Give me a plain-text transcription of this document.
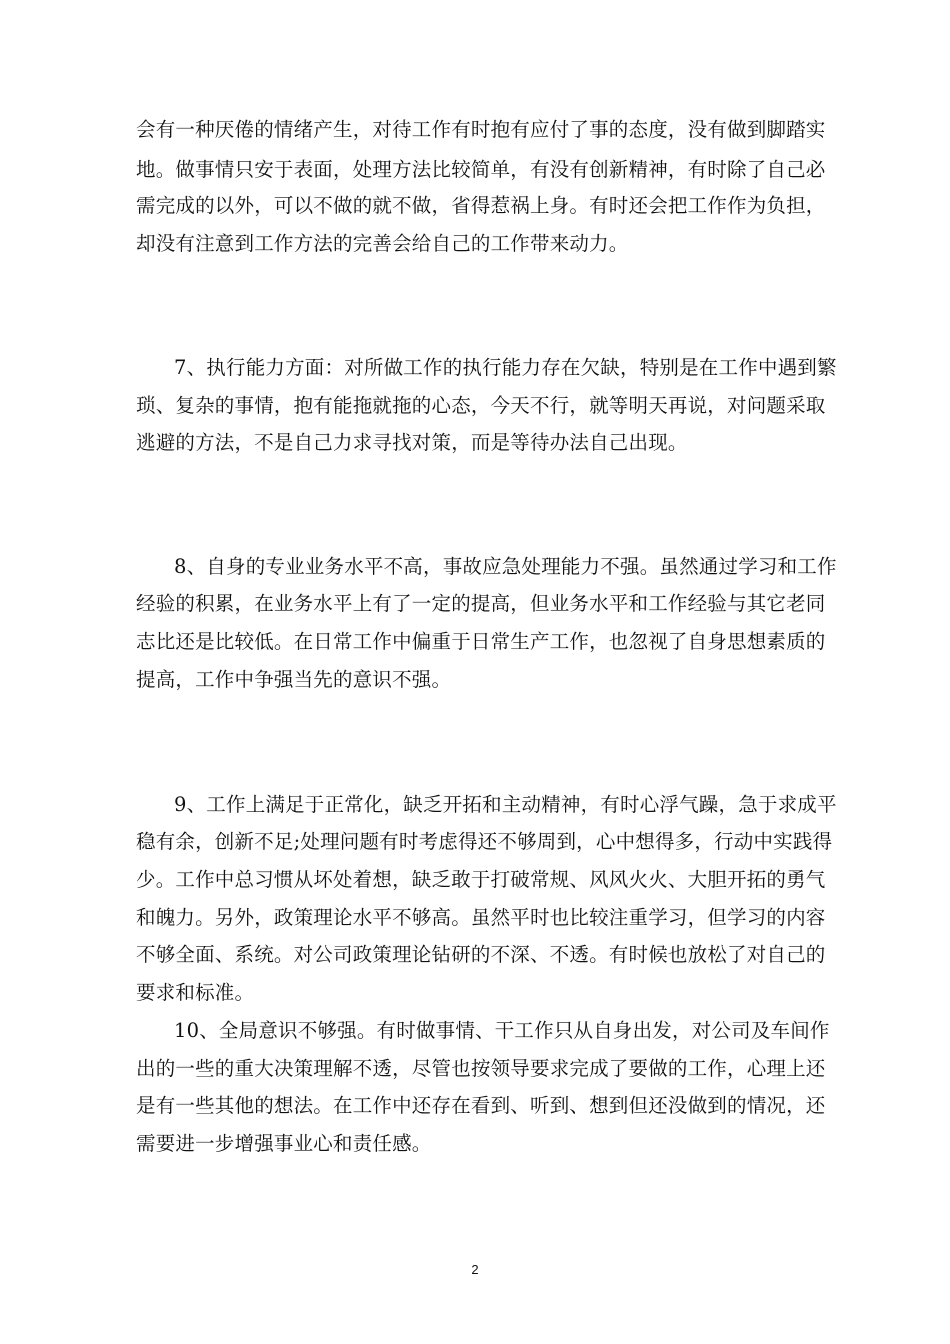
会有一种厌倦的情绪产生，对待工作有时抱有应付了事的态度，没有做到脚踏实
地。做事情只安于表面，处理方法比较简单，有没有创新精神，有时除了自己必
需完成的以外，可以不做的就不做，省得惹祸上身。有时还会把工作作为负担，
却没有注意到工作方法的完善会给自己的工作带来动力。
7、执行能力方面：对所做工作的执行能力存在欠缺，特别是在工作中遇到繁
琐、复杂的事情，抱有能拖就拖的心态，今天不行，就等明天再说，对问题采取
逃避的方法，不是自己力求寻找对策，而是等待办法自己出现。
8、自身的专业业务水平不高，事故应急处理能力不强。虽然通过学习和工作
经验的积累，在业务水平上有了一定的提高，但业务水平和工作经验与其它老同
志比还是比较低。在日常工作中偏重于日常生产工作，也忽视了自身思想素质的
提高，工作中争强当先的意识不强。
9、工作上满足于正常化，缺乏开拓和主动精神，有时心浮气躁，急于求成平
稳有余，创新不足;处理问题有时考虑得还不够周到，心中想得多，行动中实践得
少。工作中总习惯从坏处着想，缺乏敢于打破常规、风风火火、大胆开拓的勇气
和魄力。另外，政策理论水平不够高。虽然平时也比较注重学习，但学习的内容
不够全面、系统。对公司政策理论钻研的不深、不透。有时候也放松了对自己的
要求和标准。
10、全局意识不够强。有时做事情、干工作只从自身出发，对公司及车间作
出的一些的重大决策理解不透，尽管也按领导要求完成了要做的工作，心理上还
是有一些其他的想法。在工作中还存在看到、听到、想到但还没做到的情况，还
需要进一步增强事业心和责任感。
2
